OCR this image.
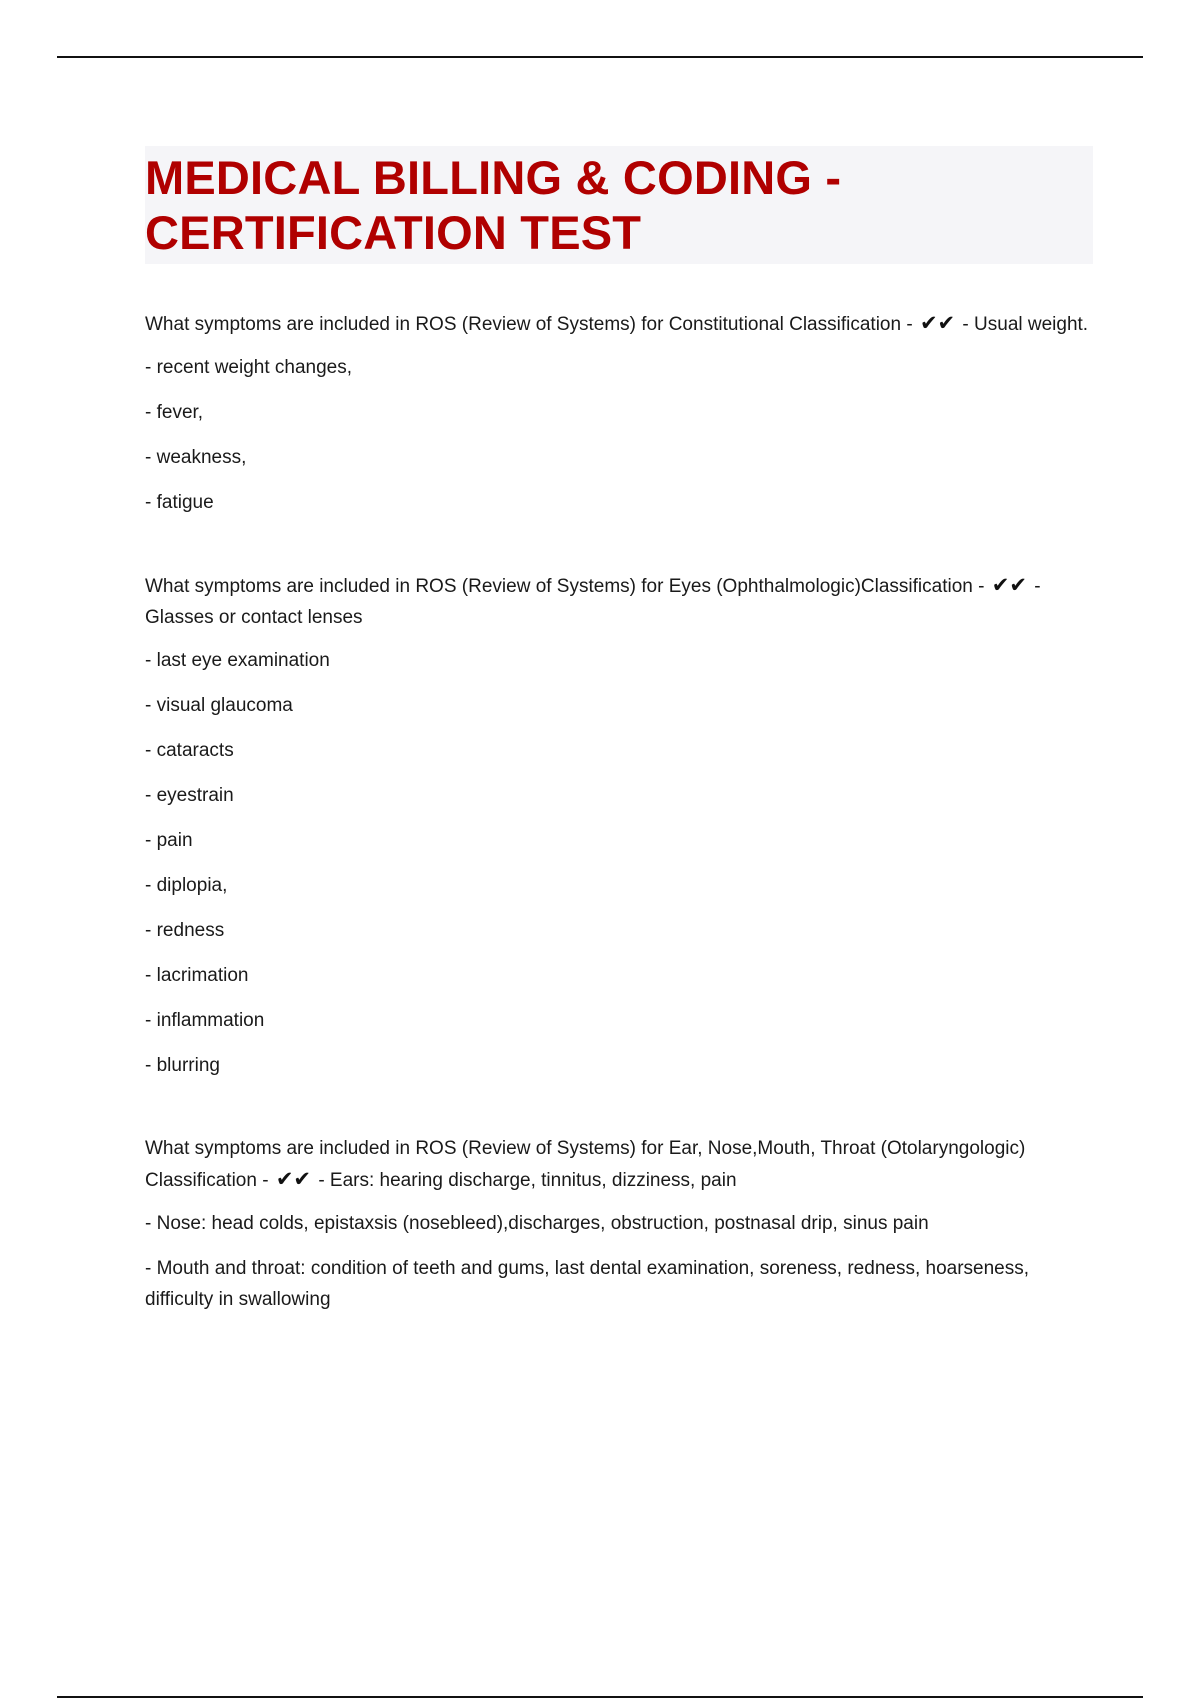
MEDICAL BILLING & CODING -
CERTIFICATION TEST

What symptoms are included in ROS (Review of Systems) for Constitutional Classification - ✔✔ - Usual weight.

- recent weight changes,

- fever,

- weakness,

- fatigue

What symptoms are included in ROS (Review of Systems) for Eyes (Ophthalmologic)Classification - ✔✔ - Glasses or contact lenses

- last eye examination

- visual glaucoma

- cataracts

- eyestrain

- pain

- diplopia,

- redness

- lacrimation

- inflammation

- blurring

What symptoms are included in ROS (Review of Systems) for Ear, Nose,Mouth, Throat (Otolaryngologic) Classification - ✔✔ - Ears: hearing discharge, tinnitus, dizziness, pain

- Nose: head colds, epistaxsis (nosebleed),discharges, obstruction, postnasal drip, sinus pain

- Mouth and throat: condition of teeth and gums, last dental examination, soreness, redness, hoarseness, difficulty in swallowing
